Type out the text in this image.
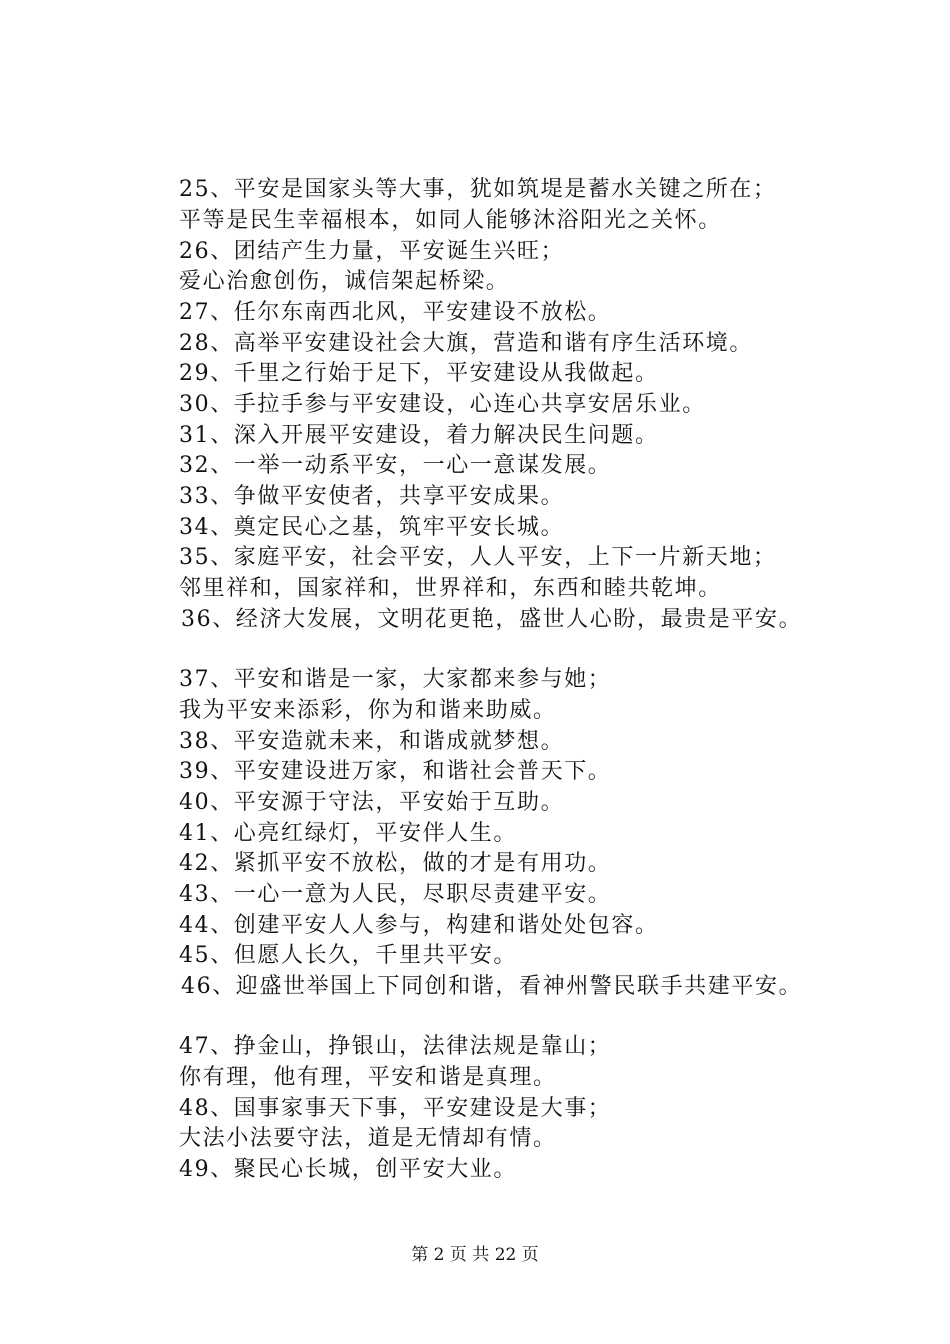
25、平安是国家头等大事，犹如筑堤是蓄水关键之所在；
平等是民生幸福根本，如同人能够沐浴阳光之关怀。
26、团结产生力量，平安诞生兴旺；
爱心治愈创伤，诚信架起桥梁。
27、任尔东南西北风，平安建设不放松。
28、高举平安建设社会大旗，营造和谐有序生活环境。
29、千里之行始于足下，平安建设从我做起。
30、手拉手参与平安建设，心连心共享安居乐业。
31、深入开展平安建设，着力解决民生问题。
32、一举一动系平安，一心一意谋发展。
33、争做平安使者，共享平安成果。
34、奠定民心之基，筑牢平安长城。
35、家庭平安，社会平安，人人平安，上下一片新天地；
邻里祥和，国家祥和，世界祥和，东西和睦共乾坤。
36、经济大发展，文明花更艳，盛世人心盼，最贵是平安。
37、平安和谐是一家，大家都来参与她；
我为平安来添彩，你为和谐来助威。
38、平安造就未来，和谐成就梦想。
39、平安建设进万家，和谐社会普天下。
40、平安源于守法，平安始于互助。
41、心亮红绿灯，平安伴人生。
42、紧抓平安不放松，做的才是有用功。
43、一心一意为人民，尽职尽责建平安。
44、创建平安人人参与，构建和谐处处包容。
45、但愿人长久，千里共平安。
46、迎盛世举国上下同创和谐，看神州警民联手共建平安。
47、挣金山，挣银山，法律法规是靠山；
你有理，他有理，平安和谐是真理。
48、国事家事天下事，平安建设是大事；
大法小法要守法，道是无情却有情。
49、聚民心长城，创平安大业。
第 2 页 共 22 页
